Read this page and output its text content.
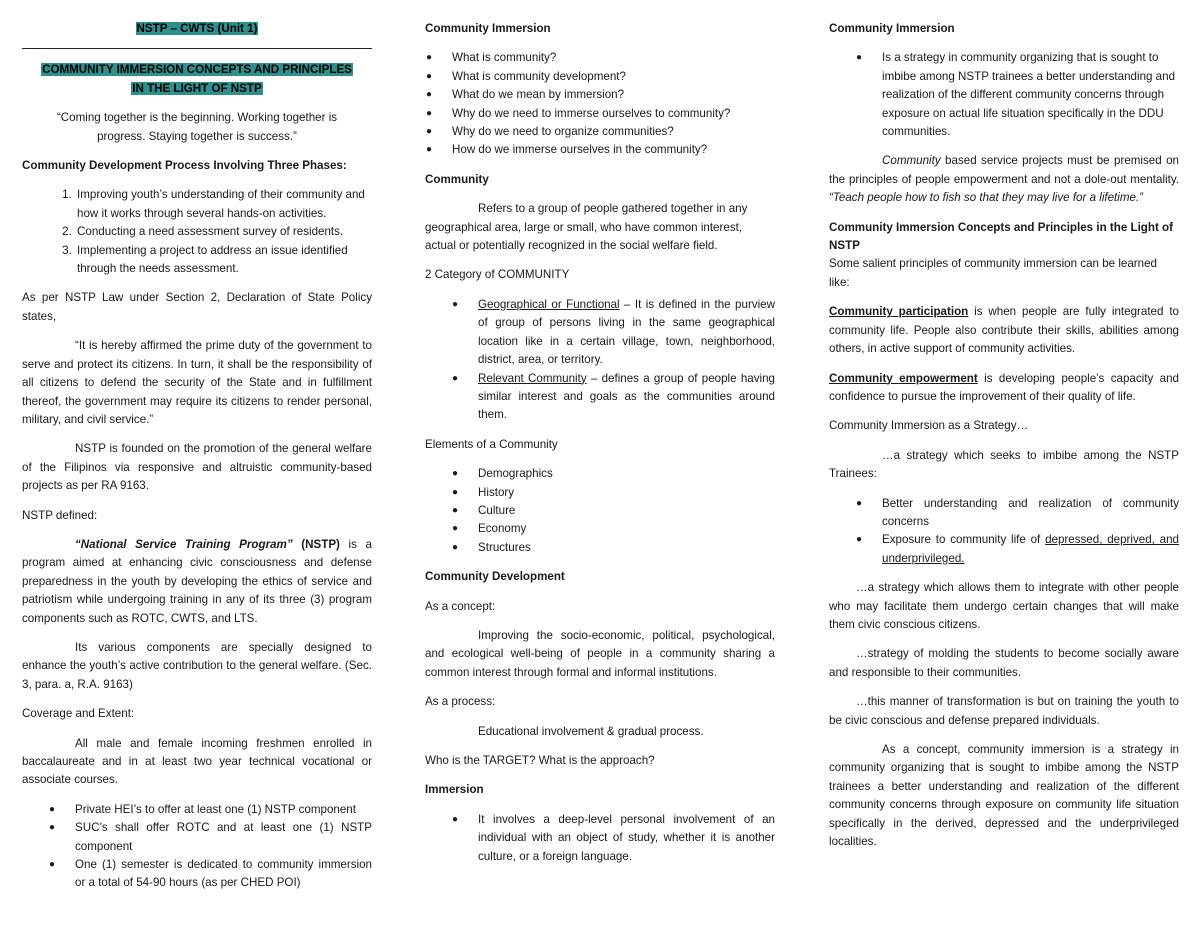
NSTP – CWTS (Unit 1)

COMMUNITY IMMERSION CONCEPTS AND PRINCIPLES
IN THE LIGHT OF NSTP

“Coming together is the beginning. Working together is progress. Staying together is success.”

Community Development Process Involving Three Phases:

1. Improving youth’s understanding of their community and how it works through several hands-on activities.
2. Conducting a need assessment survey of residents.
3. Implementing a project to address an issue identified through the needs assessment.

As per NSTP Law under Section 2, Declaration of State Policy states,

“It is hereby affirmed the prime duty of the government to serve and protect its citizens. In turn, it shall be the responsibility of all citizens to defend the security of the State and in fulfillment thereof, the government may require its citizens to render personal, military, and civil service.”

NSTP is founded on the promotion of the general welfare of the Filipinos via responsive and altruistic community-based projects as per RA 9163.

NSTP defined:

“National Service Training Program” (NSTP) is a program aimed at enhancing civic consciousness and defense preparedness in the youth by developing the ethics of service and patriotism while undergoing training in any of its three (3) program components such as ROTC, CWTS, and LTS.

Its various components are specially designed to enhance the youth’s active contribution to the general welfare. (Sec. 3, para. a, R.A. 9163)

Coverage and Extent:

All male and female incoming freshmen enrolled in baccalaureate and in at least two year technical vocational or associate courses.

● Private HEI’s to offer at least one (1) NSTP component
● SUC’s shall offer ROTC and at least one (1) NSTP component
● One (1) semester is dedicated to community immersion or a total of 54-90 hours (as per CHED POI)

Community Immersion

● What is community?
● What is community development?
● What do we mean by immersion?
● Why do we need to immerse ourselves to community?
● Why do we need to organize communities?
● How do we immerse ourselves in the community?

Community

Refers to a group of people gathered together in any geographical area, large or small, who have common interest, actual or potentially recognized in the social welfare field.

2 Category of COMMUNITY

● Geographical or Functional – It is defined in the purview of group of persons living in the same geographical location like in a certain village, town, neighborhood, district, area, or territory.
● Relevant Community – defines a group of people having similar interest and goals as the communities around them.

Elements of a Community

● Demographics
● History
● Culture
● Economy
● Structures

Community Development

As a concept:

Improving the socio-economic, political, psychological, and ecological well-being of people in a community sharing a common interest through formal and informal institutions.

As a process:

Educational involvement & gradual process.

Who is the TARGET? What is the approach?

Immersion

● It involves a deep-level personal involvement of an individual with an object of study, whether it is another culture, or a foreign language.

Community Immersion

● Is a strategy in community organizing that is sought to imbibe among NSTP trainees a better understanding and realization of the different community concerns through exposure on actual life situation specifically in the DDU communities.

Community based service projects must be premised on the principles of people empowerment and not a dole-out mentality. “Teach people how to fish so that they may live for a lifetime.”

Community Immersion Concepts and Principles in the Light of NSTP

Some salient principles of community immersion can be learned like:

Community participation is when people are fully integrated to community life. People also contribute their skills, abilities among others, in active support of community activities.

Community empowerment is developing people’s capacity and confidence to pursue the improvement of their quality of life.

Community Immersion as a Strategy…

…a strategy which seeks to imbibe among the NSTP Trainees:

● Better understanding and realization of community concerns
● Exposure to community life of depressed, deprived, and underprivileged.

…a strategy which allows them to integrate with other people who may facilitate them undergo certain changes that will make them civic conscious citizens.

…strategy of molding the students to become socially aware and responsible to their communities.

…this manner of transformation is but on training the youth to be civic conscious and defense prepared individuals.

As a concept, community immersion is a strategy in community organizing that is sought to imbibe among the NSTP trainees a better understanding and realization of the different community concerns through exposure on community life situation specifically in the derived, depressed and the underprivileged localities.
